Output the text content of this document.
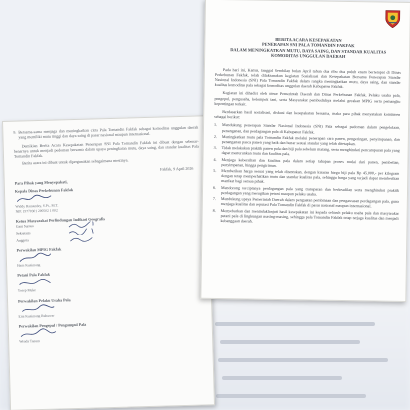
9. Bersama-sama menjaga dan meningkatkan citra Pala Tomandin Fakfak sebagai komoditas unggulan daerah yang memiliki mutu tinggi dan daya saing di pasar nasional maupun internasional.
Demikian Berita Acara Kesepakatan Penerapan SNI Pala Tomandin Fakfak ini dibuat dengan sebenar-benarnya untuk menjadi pedoman bersama dalam upaya peningkatan mutu, daya saing, dan standar kualitas Pala Tomandin Fakfak.
Berita acara ini dibuat untuk dipergunakan sebagaimana mestinya.
Fakfak, 9 April 2026
Para Pihak yang Menyepakati,
Kepala Dinas Perkebunan Fakfak
Widdy Ramandey, S.Pt., M.T.
NIP. 19770301 200502 1 002
Ketua Masyarakat Perlindungan Indikasi Geografis
Gani Suroso
Sekretaris
Anggota
Perwakilan MPIG Fakfak
Hans Kuaimang
Petani Pala Fakfak
Yosep Muke
Perwakilan Pelaku Usaha Pala
Emi Kuaimang Ruhuwar
Perwakilan Pengepul / Pengumpul Pala
Wenda Tanum
BERITA ACARA KESEPAKATAN
PENERAPAN SNI PALA TOMANDIN FAKFAK
DALAM MENINGKATKAN MUTU, DAYA SAING, DAN STANDAR KUALITAS
KOMODITAS UNGGULAN DAERAH
Pada hari ini, Kamis, tanggal Sembilan bulan April tahun dua ribu dua puluh enam bertempat di Dinas Perkebunan Fakfak, telah dilaksanakan kegiatan Sosialisasi dan Kesepakatan Bersama Penerapan Standar Nasional Indonesia (SNI) Pala Tomandin Fakfak dalam rangka meningkatkan mutu, daya saing, dan standar kualitas komoditas pala sebagai komoditas unggulan daerah Kabupaten Fakfak.
Kegiatan ini dihadiri oleh unsur Pemerintah Daerah dan Dinas Perkebunan Fakfak, Pelaku usaha pala, pengepul, pengusaha, kelompok tani, serta Masyarakat pembudidaya melalui gerakan MPIG serta pemangku kepentingan terkait.
Berdasarkan hasil sosialisasi, diskusi dan kesepakatan bersama, maka para pihak menyatakan komitmen sebagai berikut:
1.	Mendukung penerapan Standar Nasional Indonesia (SNI) Pala sebagai pedoman dalam pengelolaan, penanganan, dan perdagangan pala di Kabupaten Fakfak.
2.	Meningkatkan mutu pala Tomandin Fakfak melalui penerapan cara panen, pengeringan, penyimpanan, dan penanganan pasca panen yang baik dan benar sesuai standar yang telah ditetapkan.
3.	Tidak melakukan praktik panen pala dan biji pala sebelum matang, serta menghindari pencampuran pala yang dapat menurunkan mutu dan kualitas pala.
4.	Menjaga kebersihan dan kualitas pala dalam setiap tahapan proses mulai dari panen, pembelian, penyimpanan, hingga pengiriman.
5.	Memberikan harga sesuai yang telah ditentukan, dengan kisaran harga biji pala Rp 45.000,- per kilogram dengan tetap memperhatikan mutu dan standar kualitas pala, sehingga harga yang terjadi dapat memberikan manfaat bagi semua pihak.
6.	Mendorong terciptanya perdagangan pala yang transparan dan berkeadilan serta menghindari praktik perdagangan yang merugikan petani maupun pelaku usaha.
7.	Mendukung upaya Pemerintah Daerah dalam penguatan pembinaan dan pengawasan perdagangan pala, guna menjaga kualitas dan reputasi Pala Tomandin Fakfak di pasar nasional maupun internasional.
8.	Menyebarkan dan menindaklanjuti hasil kesepakatan ini kepada seluruh pelaku usaha pala dan masyarakat petani pala di lingkungan masing-masing, sehingga pala Tomandin Fakfak tetap terjaga kualitas dan menjadi kebanggaan daerah.
